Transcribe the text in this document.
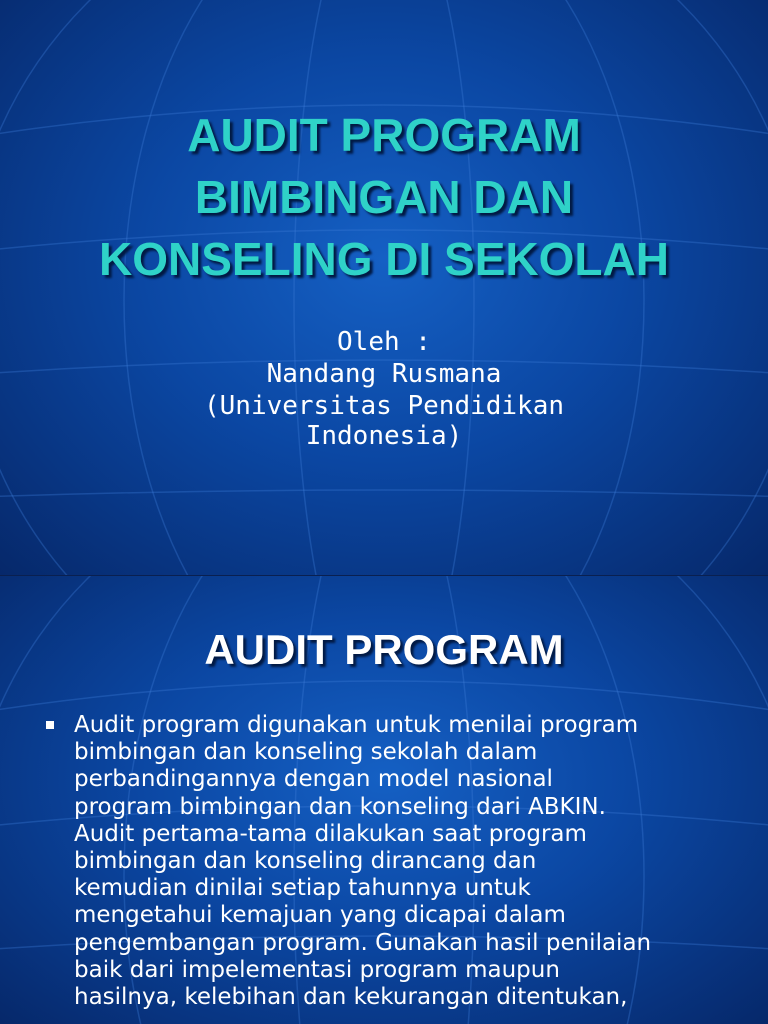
AUDIT PROGRAM
BIMBINGAN DAN
KONSELING DI SEKOLAH
Oleh :
Nandang Rusmana
(Universitas Pendidikan
Indonesia)
AUDIT PROGRAM
Audit program digunakan untuk menilai program
bimbingan dan konseling sekolah dalam
perbandingannya dengan model nasional
program bimbingan dan konseling dari ABKIN.
Audit pertama-tama dilakukan saat program
bimbingan dan konseling dirancang dan
kemudian dinilai setiap tahunnya untuk
mengetahui kemajuan yang dicapai dalam
pengembangan program. Gunakan hasil penilaian
baik dari impelementasi program maupun
hasilnya, kelebihan dan kekurangan ditentukan,
